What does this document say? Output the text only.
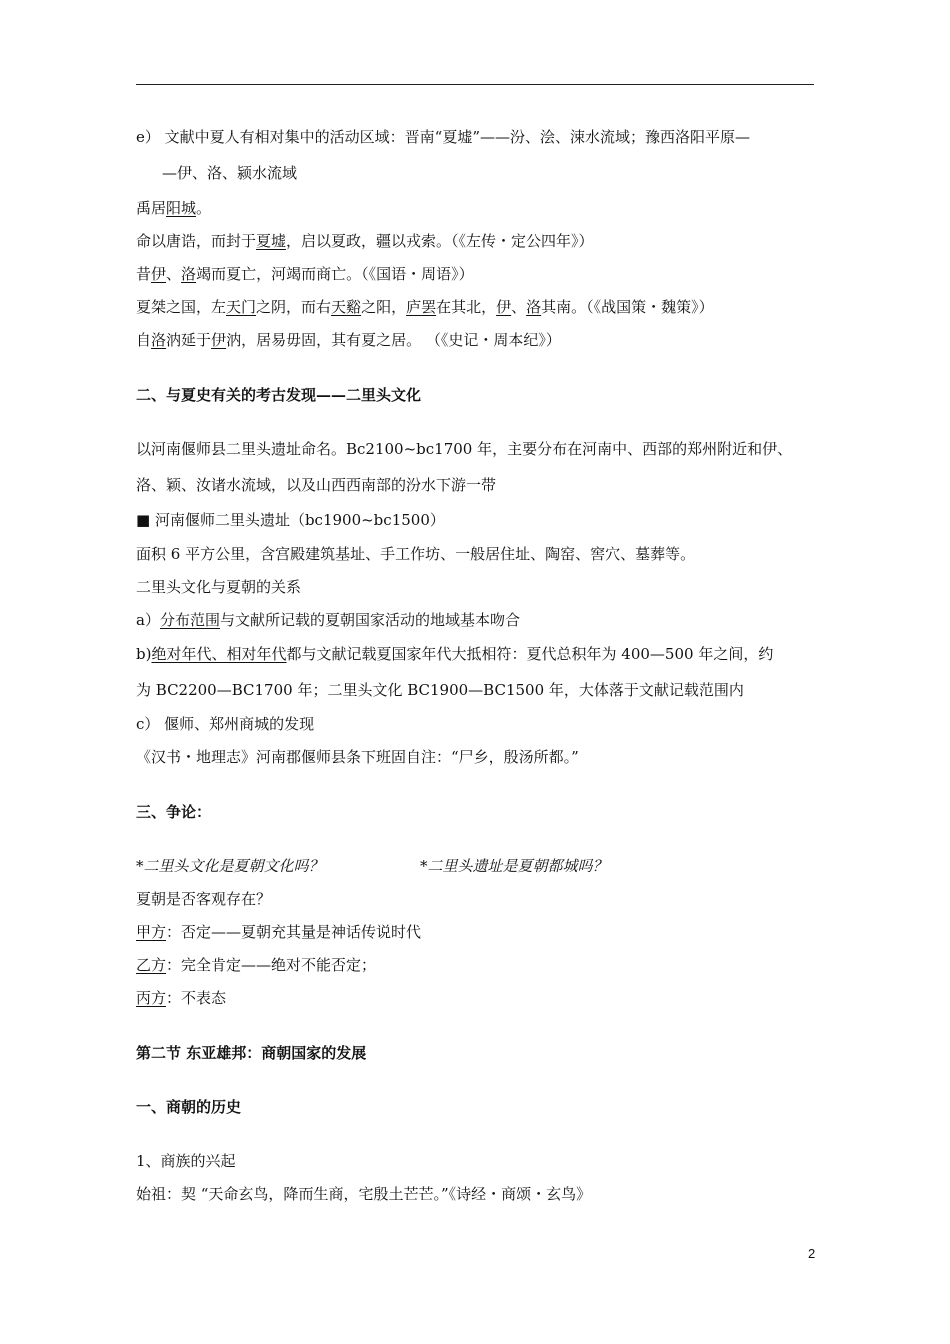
e） 文献中夏人有相对集中的活动区域：晋南“夏墟”——汾、浍、涑水流域；豫西洛阳平原—
—伊、洛、颍水流域
禹居阳城。
命以唐诰，而封于夏墟，启以夏政，疆以戎索。（《左传・定公四年》）
昔伊、洛竭而夏亡，河竭而商亡。（《国语・周语》）
夏桀之国，左天门之阴，而右天谿之阳，庐罢在其北，伊、洛其南。（《战国策・魏策》）
自洛汭延于伊汭，居易毋固，其有夏之居。 （《史记・周本纪》）
二、与夏史有关的考古发现——二里头文化
以河南偃师县二里头遗址命名。Bc2100~bc1700 年，主要分布在河南中、西部的郑州附近和伊、
洛、颖、汝诸水流域，以及山西西南部的汾水下游一带
■ 河南偃师二里头遗址（bc1900~bc1500）
面积 6 平方公里，含宫殿建筑基址、手工作坊、一般居住址、陶窑、窖穴、墓葬等。
二里头文化与夏朝的关系
a）分布范围与文献所记载的夏朝国家活动的地域基本吻合
b)绝对年代、相对年代都与文献记载夏国家年代大抵相符：夏代总积年为 400—500 年之间，约
为 BC2200—BC1700 年；二里头文化 BC1900—BC1500 年，大体落于文献记载范围内
c） 偃师、郑州商城的发现
《汉书・地理志》河南郡偃师县条下班固自注：“尸乡，殷汤所都。”
三、争论：
*二里头文化是夏朝文化吗？	*二里头遗址是夏朝都城吗？
夏朝是否客观存在？
甲方：否定——夏朝充其量是神话传说时代
乙方：完全肯定——绝对不能否定；
丙方：不表态
第二节 东亚雄邦：商朝国家的发展
一、商朝的历史
1、商族的兴起
始祖：契 “天命玄鸟，降而生商，宅殷土芒芒。”《诗经・商颂・玄鸟》
2
